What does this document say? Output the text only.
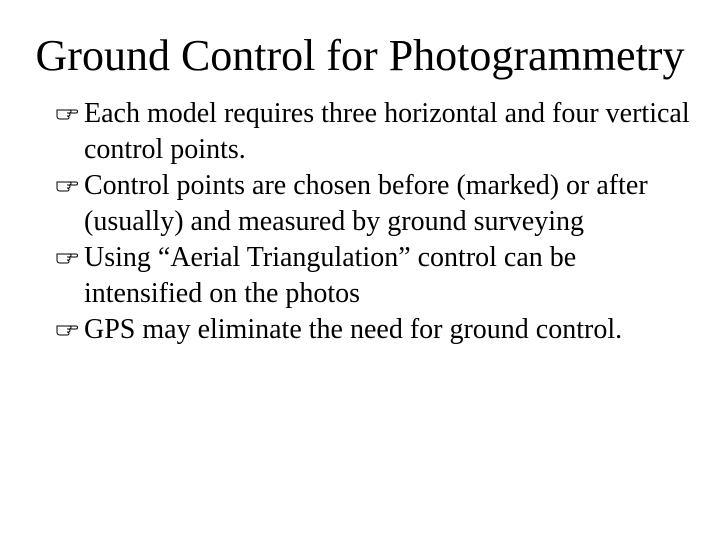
Ground Control for Photogrammetry
Each model requires three horizontal and four vertical control points.
Control points are chosen before (marked) or after (usually) and measured by ground surveying
Using “Aerial Triangulation” control can be intensified on the photos
GPS may eliminate the need for ground control.
